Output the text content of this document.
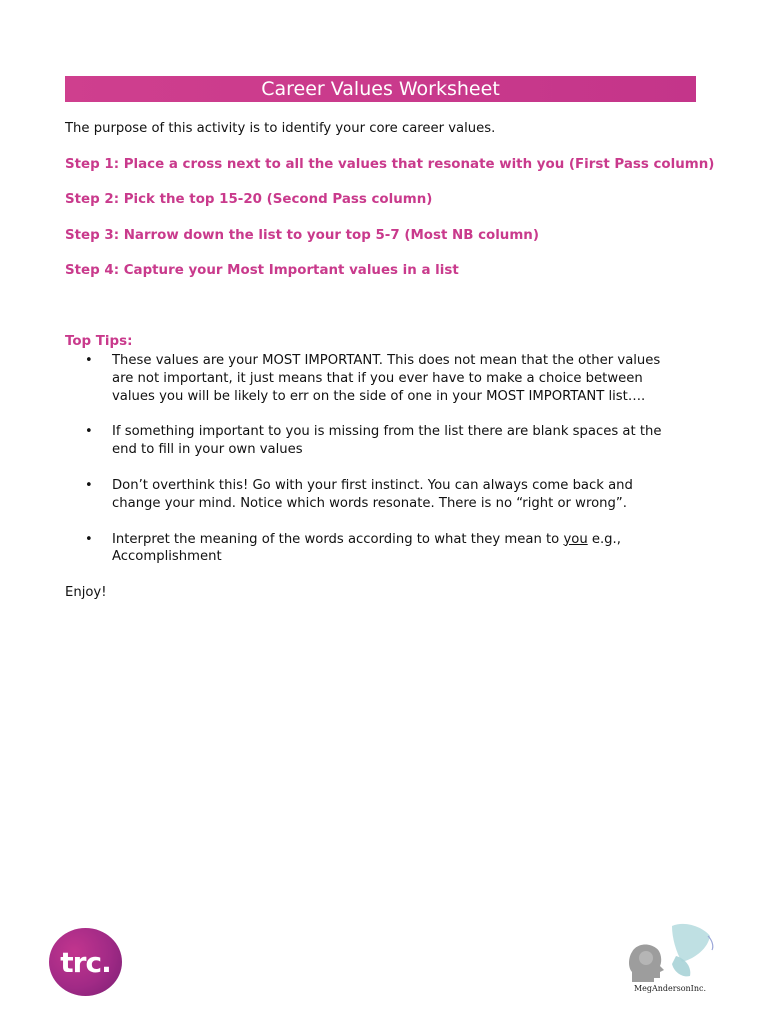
Career Values Worksheet

The purpose of this activity is to identify your core career values.

Step 1: Place a cross next to all the values that resonate with you (First Pass column)

Step 2: Pick the top 15-20 (Second Pass column)

Step 3: Narrow down the list to your top 5-7 (Most NB column)

Step 4: Capture your Most Important values in a list

Top Tips:

• These values are your MOST IMPORTANT. This does not mean that the other values are not important, it just means that if you ever have to make a choice between values you will be likely to err on the side of one in your MOST IMPORTANT list….
• If something important to you is missing from the list there are blank spaces at the end to fill in your own values
• Don’t overthink this! Go with your first instinct. You can always come back and change your mind. Notice which words resonate. There is no “right or wrong”.
• Interpret the meaning of the words according to what they mean to you e.g., Accomplishment

Enjoy!

trc.
MegAndersonInc.
